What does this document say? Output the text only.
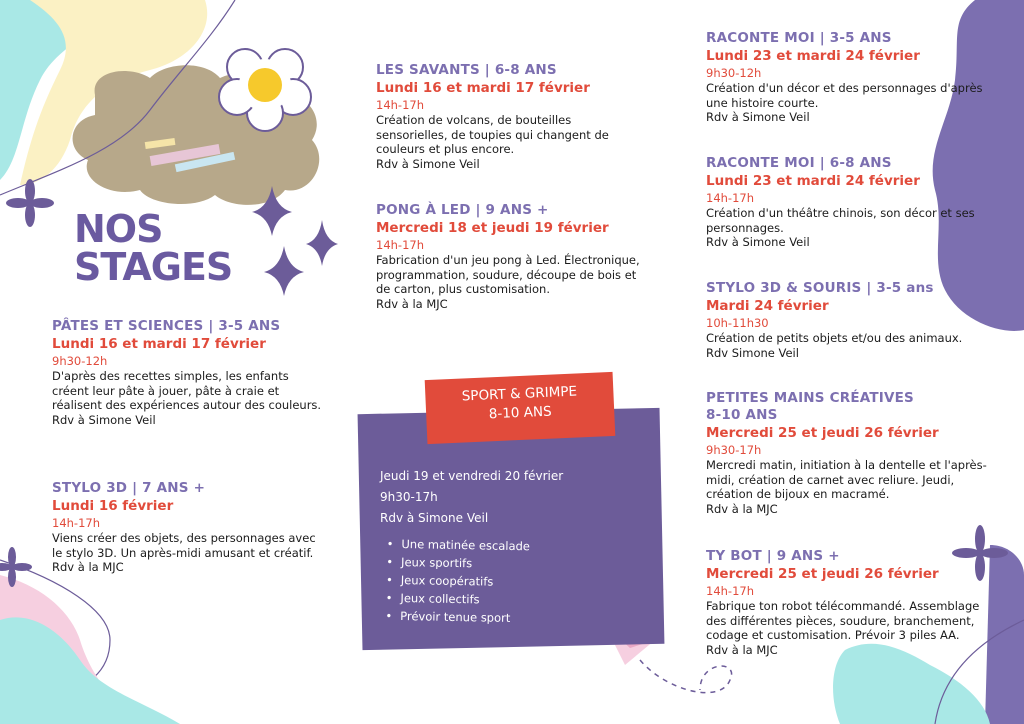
NOS
STAGES
PÂTES ET SCIENCES | 3-5 ANS
Lundi 16 et mardi 17 février
9h30-12h
D'après des recettes simples, les enfants créent leur pâte à jouer, pâte à craie et réalisent des expériences autour des couleurs.
Rdv à Simone Veil
STYLO 3D | 7 ANS +
Lundi 16 février
14h-17h
Viens créer des objets, des personnages avec le stylo 3D. Un après-midi amusant et créatif.
Rdv à la MJC
LES SAVANTS | 6-8 ANS
Lundi 16 et mardi 17 février
14h-17h
Création de volcans, de bouteilles sensorielles, de toupies qui changent de couleurs et plus encore.
Rdv à Simone Veil
PONG À LED | 9 ANS +
Mercredi 18 et jeudi 19 février
14h-17h
Fabrication d'un jeu pong à Led. Électronique, programmation, soudure, découpe de bois et de carton, plus customisation.
Rdv à la MJC
SPORT & GRIMPE
8-10 ANS
Jeudi 19 et vendredi 20 février
9h30-17h
Rdv à Simone Veil
• Une matinée escalade
• Jeux sportifs
• Jeux coopératifs
• Jeux collectifs
• Prévoir tenue sport
RACONTE MOI | 3-5 ANS
Lundi 23 et mardi 24 février
9h30-12h
Création d'un décor et des personnages d'après une histoire courte.
Rdv à Simone Veil
RACONTE MOI | 6-8 ANS
Lundi 23 et mardi 24 février
14h-17h
Création d'un théâtre chinois, son décor et ses personnages.
Rdv à Simone Veil
STYLO 3D & SOURIS | 3-5 ans
Mardi 24 février
10h-11h30
Création de petits objets et/ou des animaux.
Rdv Simone Veil
PETITES MAINS CRÉATIVES
8-10 ANS
Mercredi 25 et jeudi 26 février
9h30-17h
Mercredi matin, initiation à la dentelle et l'après-midi, création de carnet avec reliure. Jeudi, création de bijoux en macramé.
Rdv à la MJC
TY BOT | 9 ANS +
Mercredi 25 et jeudi 26 février
14h-17h
Fabrique ton robot télécommandé. Assemblage des différentes pièces, soudure, branchement, codage et customisation. Prévoir 3 piles AA.
Rdv à la MJC
